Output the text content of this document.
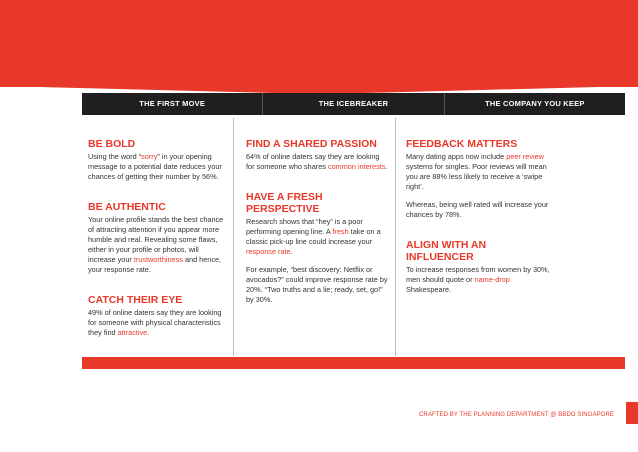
THE FIRST MOVE	THE ICEBREAKER	THE COMPANY YOU KEEP
BE BOLD

Using the word “sorry” in your opening message to a potential date reduces your chances of getting their number by 56%.

BE AUTHENTIC

Your online profile stands the best chance of attracting attention if you appear more humble and real. Revealing some flaws, either in your profile or photos, will increase your trustworthiness and hence, your response rate.

CATCH THEIR EYE

49% of online daters say they are looking for someone with physical characteristics they find attractive.

FIND A SHARED PASSION

64% of online daters say they are looking for someone who shares common interests.

HAVE A FRESH PERSPECTIVE

Research shows that “hey” is a poor performing opening line. A fresh take on a classic pick-up line could increase your response rate.

For example, “best discovery: Netflix or avocados?” could improve response rate by 20%. “Two truths and a lie; ready, set, go!” by 30%.

FEEDBACK MATTERS

Many dating apps now include peer review systems for singles. Poor reviews will mean you are 88% less likely to receive a ‘swipe right’.

Whereas, being well rated will increase your chances by 78%.

ALIGN WITH AN INFLUENCER

To increase responses from women by 30%, men should quote or name-drop Shakespeare.

CRAFTED BY THE PLANNING DEPARTMENT @ BBDO SINGAPORE
